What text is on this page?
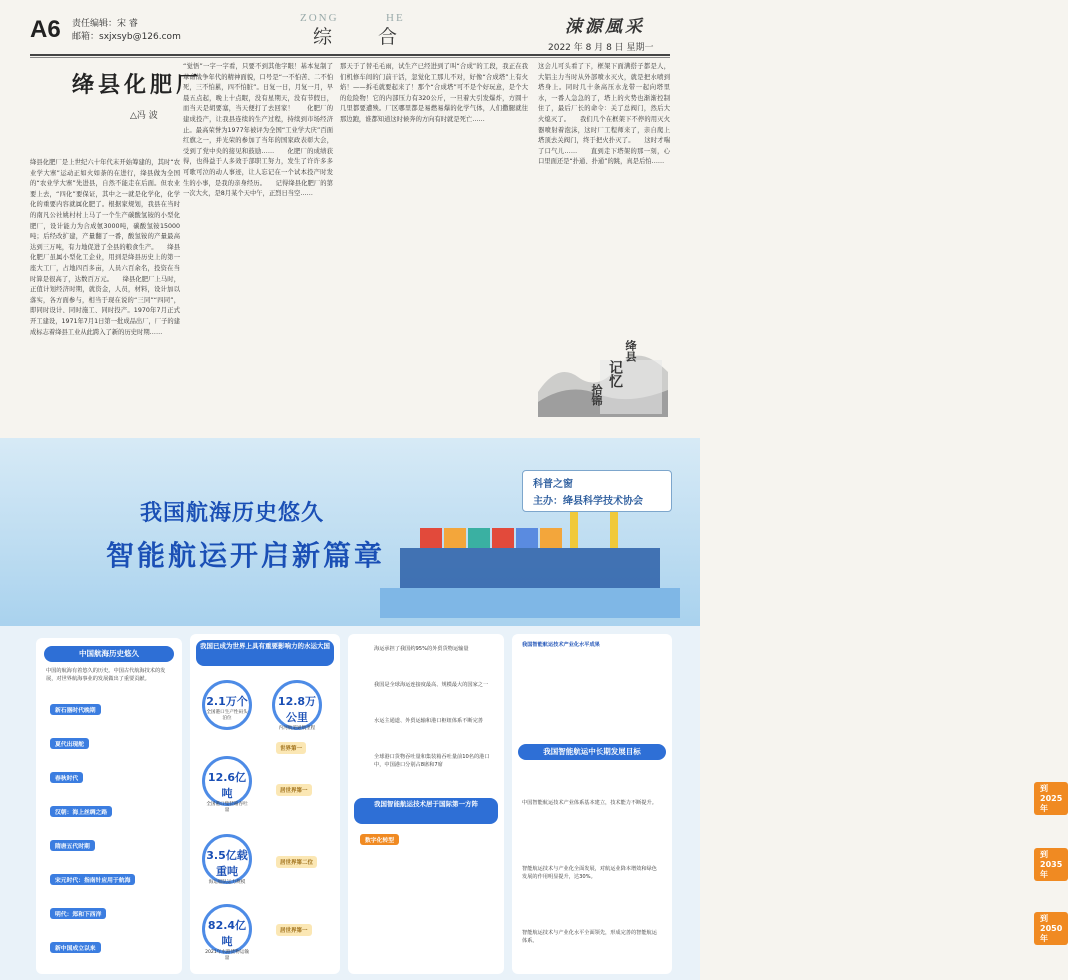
A6 责任编辑：宋 睿
邮箱：sxjxsyb@126.com
ZONG	HE
综 合	涑源風采
2022 年 8 月 8 日 星期一
绛县化肥厂
△冯 波
绛县化肥厂是上世纪六十年代末开始筹建的，其时“农业学大寨”运动正如火如荼的在进行，绛县做为全国的“农业学大寨”先进县，自然不能走在后面。但农业要上去，“四化”要保证，其中之一就是化学化，化学化的重要内容就属化肥了。根据家规划，我县在当时的南凡公社姚村村上马了一个生产碳酸氢铵的小型化肥厂，设计能力为合成氨3000吨，碳酸氢铵15000吨；后经改扩建，产量翻了一番，酸氢铵的产量最高达到三万吨，有力地促进了全县的粮食生产。　　绛县化肥厂虽属小型化工企业，用到是绛县历史上的第一座大工厂，占地四百多亩，人员六百余名，投资在当时算是很高了，达数百万元。　　绛县化肥厂上马时，正值计划经济时期，就资金，人员，材料，设计加以落实，各方面参与，相当于现在说的“三同”“四同”，即同时设计、同时施工、同时投产。1970年7月正式开工建设，1971年7月1日第一批成品出厂，厂子的建成标志着绛县工业从此跨入了新的历史时期……
“觉悟”一字一字看，只要不到其他字眼！基本复制了革命战争年代的精神面貌，口号是“一不怕苦、二不怕死，三不怕累，四不怕脏”。日复一日，月复一月，早晨五点起，晚上十点眠，没有星期天，没有节假日，而当天是胡要塞，当天便打了去回家！　　化肥厂的建成投产，让我县连续的生产过程，持续到市场经济止。最高荣誉为1977年被评为全国“工业学大庆”百面红旗之一，并光荣的参加了当年的国家政表彰大会，受到了党中央的接见和鼓励……　　化肥厂的成绩获得，也得益于人多效于部职工努力，发生了许许多多可歌可泣的动人事迹，让人忘记在一个试本投产时发生的小事，是我的亲身经历。　　记得绛县化肥厂的第一次大火，是8月某个天中午，正烈日当空……
那天于了替毛毛雨，试生产已经进到了叫“合成”的工段，我正在我们机修车间的门前干活，忽觉化工那儿不对，好像“合成塔”上有火焰！——拆毛就要起来了！那个“合成塔”可不是个好玩意，是个大的危险物！它的内部压力有320公斤，一旦着大引发爆炸，方圆十几里都要遭殃。厂区哪里都是易燃易爆的化学气体，人们撒腿就往那边跑，谁都知道这时候奔的方向有时就是死亡……
这会儿可头看了下，框架下面满搭子都是人，大铝主力当时从外部喷水灭火，就是把水喷到塔身上。同时几十条高压水龙带一起向塔里水，一番人急急的了，塔上的火势也渐渐控制住了，最后厂长的命令：关了总阀门，然后大火熄灭了。　　我们几个在框架下不停的用灭火器喷射着泡沫，这时厂工程师来了，亲自爬上塔顶去关阀门，终于把火扑灭了。　　这时才喘了口气儿……　　直到走下塔架的那一刻，心口里面还是“扑通、扑通”的跳，真是后怕……
绛县
记忆
拾锦
我国航海历史悠久
智能航运开启新篇章
科普之窗
主办：绛县科学技术协会
中国航海历史悠久
中国的航海有着悠久的历史。中国古代航海技术的发展，对世界航海事业的发展做出了重要贡献。
新石器时代晚期
夏代出现舵
春秋时代
汉朝：海上丝绸之路
隋唐五代时期
宋元时代：指南针应用于航海
明代：郑和下西洋
新中国成立以来
我国已成为世界上具有重要影响力的水运大国
2.1万个
全国港口生产性码头泊位
12.8万公里
内河航道通航里程
世界第一
12.6亿吨
全国港口集装箱吞吐量
居世界第一
3.5亿载重吨
海运船队运力规模
居世界第二位
82.4亿吨
2021年水路货物运输量
居世界第一
海运承担了我国约95%的外贸货物运输量
我国是全球海运连接度最高、规模最大的国家之一
水运主通道、外贸运输和港口枢纽体系不断完善
全球港口货物吞吐量和集装箱吞吐量前10名的港口中，中国港口分别占8席和7席
我国智能航运技术居于国际第一方阵
数字化转型
我国智能航运技术产业化水平成果
我国智能航运中长期发展目标
到2025年
中国智能航运技术产业体系基本建立，技术能力不断提升。
到2035年
智能航运技术与产业化全面发展，对航运业降本增效和绿色发展的作用明显提升，达30%。
到2050年
智能航运技术与产业化水平全面领先，形成完善的智能航运体系。
